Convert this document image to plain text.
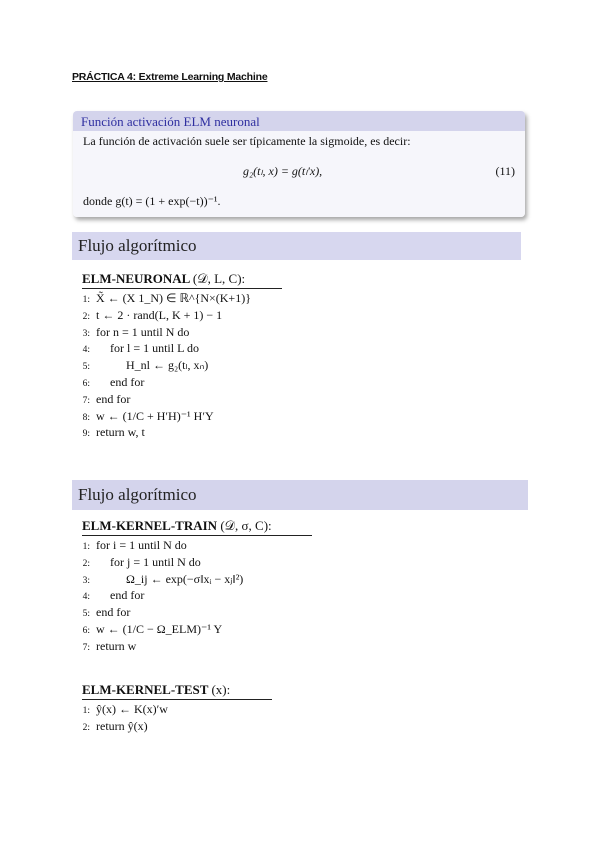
PRÁCTICA 4: Extreme Learning Machine
Función activación ELM neuronal
La función de activación suele ser típicamente la sigmoide, es decir:
g₂(tₗ, x) = g(tₗ′x),	(11)
donde g(t) = (1 + exp(−t))⁻¹.
Flujo algorítmico
ELM-NEURONAL (𝒟, L, C):
1: X̃ ← (X 1_N) ∈ ℝ^{N×(K+1)}
2: t ← 2 · rand(L, K + 1) − 1
3: for n = 1 until N do
4: for l = 1 until L do
5:	H_nl ← g₂(tₗ, xₙ)
6: end for
7: end for
8: w ← (1/C + H′H)⁻¹ H′Y
9: return w, t
Flujo algorítmico
ELM-KERNEL-TRAIN (𝒟, σ, C):
1: for i = 1 until N do
2: for j = 1 until N do
3:	Ω_ij ← exp(−σ‖xᵢ − xⱼ‖²)
4: end for
5: end for
6: w ← (1/C − Ω_ELM)⁻¹ Y
7: return w
ELM-KERNEL-TEST (x):
1: ŷ(x) ← K(x)′w
2: return ŷ(x)
